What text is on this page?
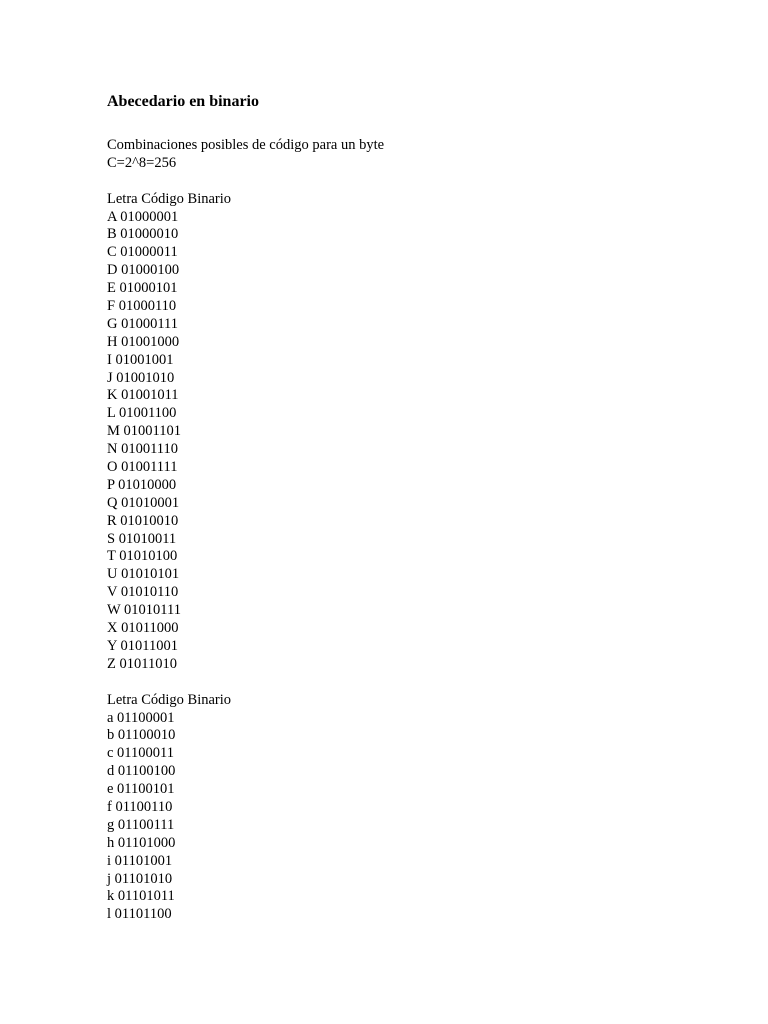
Abecedario en binario
Combinaciones posibles de código para un byte
C=2^8=256
Letra Código Binario
A 01000001
B 01000010
C 01000011
D 01000100
E 01000101
F 01000110
G 01000111
H 01001000
I 01001001
J 01001010
K 01001011
L 01001100
M 01001101
N 01001110
O 01001111
P 01010000
Q 01010001
R 01010010
S 01010011
T 01010100
U 01010101
V 01010110
W 01010111
X 01011000
Y 01011001
Z 01011010
Letra Código Binario
a 01100001
b 01100010
c 01100011
d 01100100
e 01100101
f 01100110
g 01100111
h 01101000
i 01101001
j 01101010
k 01101011
l 01101100
